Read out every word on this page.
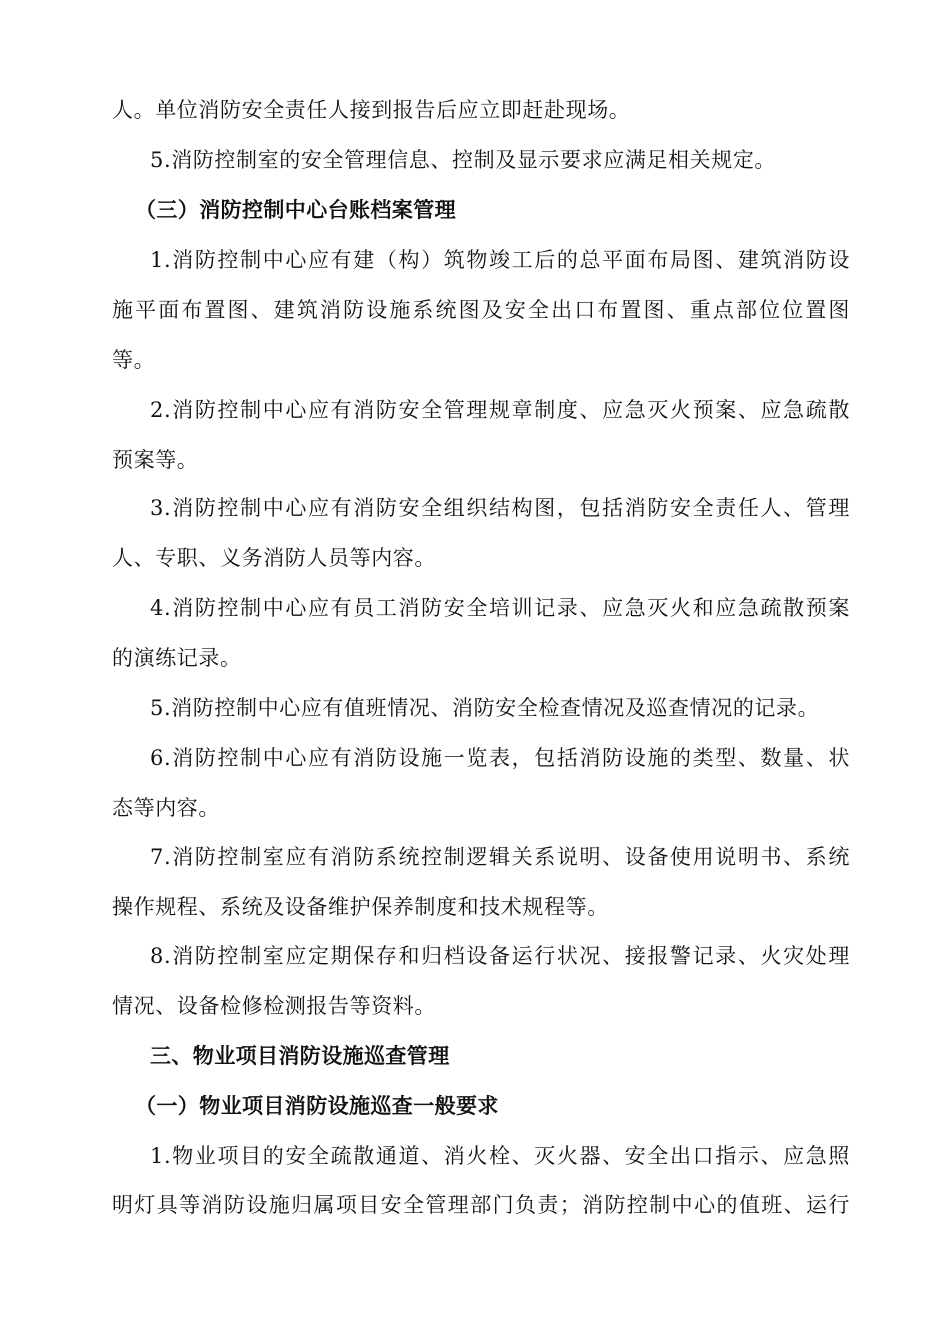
人。单位消防安全责任人接到报告后应立即赶赴现场。
5.消防控制室的安全管理信息、控制及显示要求应满足相关规定。
（三）消防控制中心台账档案管理
1.消防控制中心应有建（构）筑物竣工后的总平面布局图、建筑消防设
施平面布置图、建筑消防设施系统图及安全出口布置图、重点部位位置图
等。
2.消防控制中心应有消防安全管理规章制度、应急灭火预案、应急疏散
预案等。
3.消防控制中心应有消防安全组织结构图，包括消防安全责任人、管理
人、专职、义务消防人员等内容。
4.消防控制中心应有员工消防安全培训记录、应急灭火和应急疏散预案
的演练记录。
5.消防控制中心应有值班情况、消防安全检查情况及巡查情况的记录。
6.消防控制中心应有消防设施一览表，包括消防设施的类型、数量、状
态等内容。
7.消防控制室应有消防系统控制逻辑关系说明、设备使用说明书、系统
操作规程、系统及设备维护保养制度和技术规程等。
8.消防控制室应定期保存和归档设备运行状况、接报警记录、火灾处理
情况、设备检修检测报告等资料。
三、物业项目消防设施巡查管理
（一）物业项目消防设施巡查一般要求
1.物业项目的安全疏散通道、消火栓、灭火器、安全出口指示、应急照
明灯具等消防设施归属项目安全管理部门负责；消防控制中心的值班、运行
